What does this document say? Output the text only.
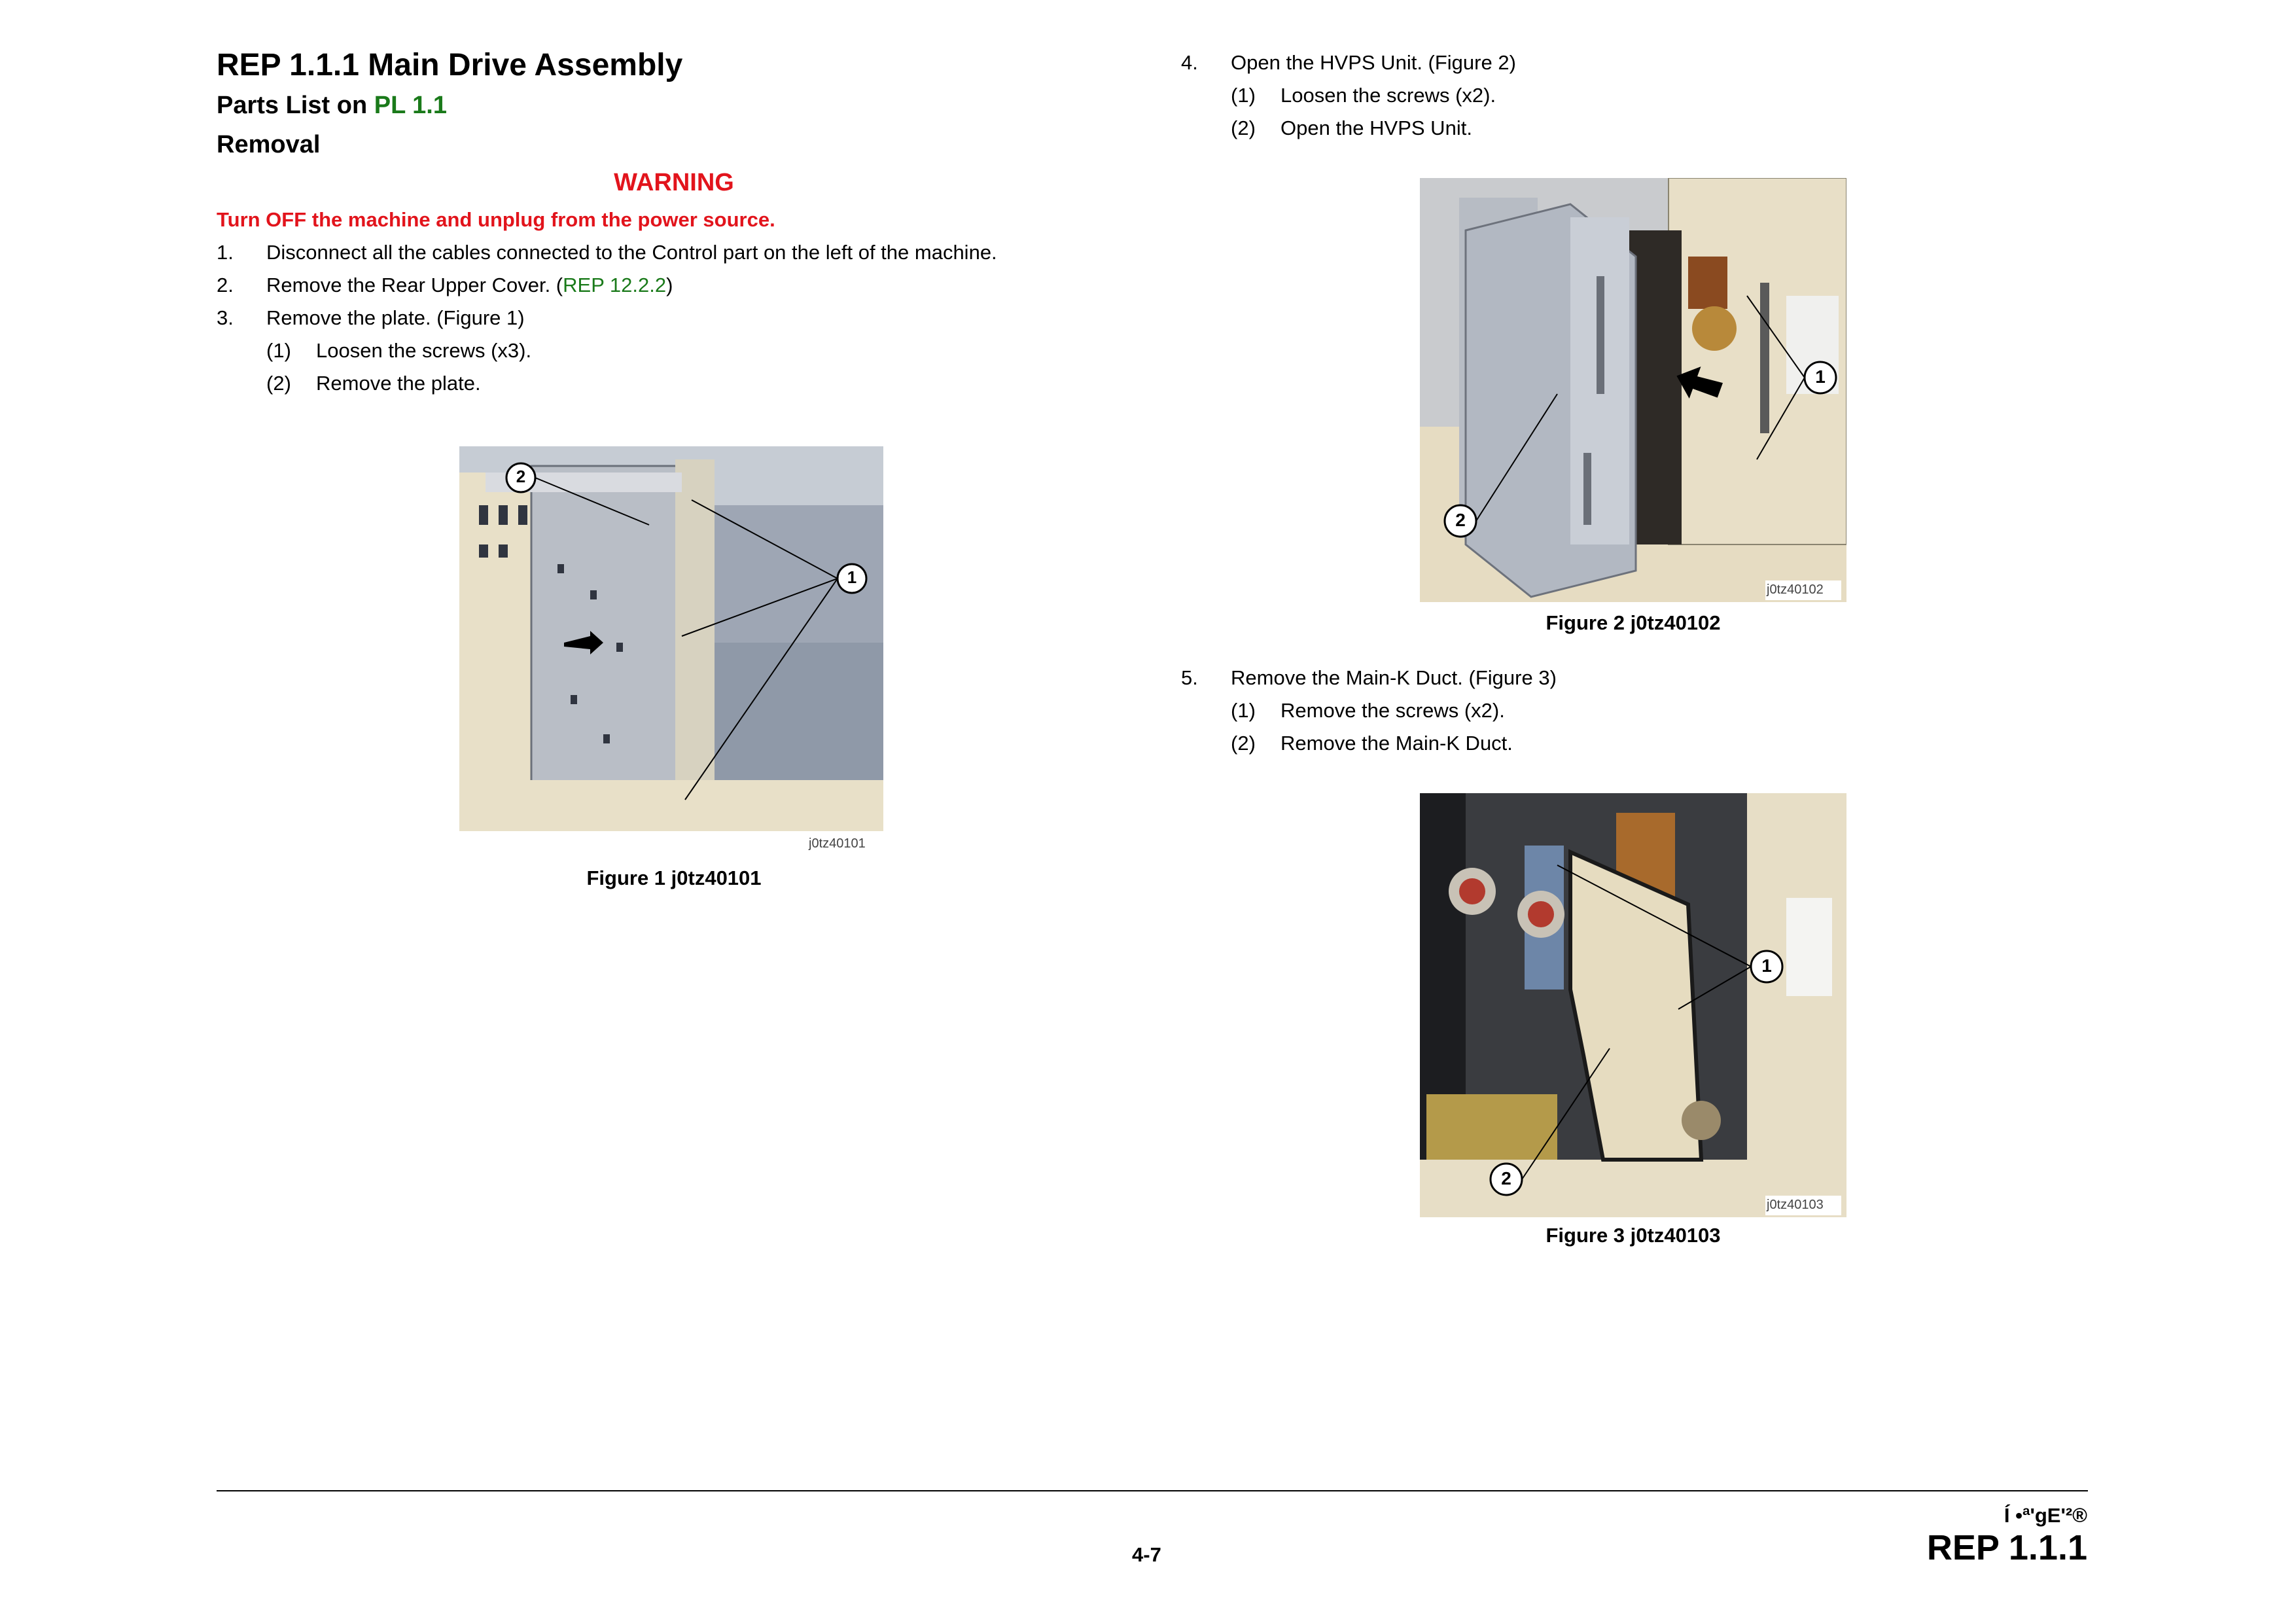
REP 1.1.1 Main Drive Assembly
Parts List on PL 1.1
Removal
WARNING
Turn OFF the machine and unplug from the power source.
1. Disconnect all the cables connected to the Control part on the left of the machine.
2. Remove the Rear Upper Cover. (REP 12.2.2)
3. Remove the plate. (Figure 1)
(1) Loosen the screws (x3).
(2) Remove the plate.
1
2
j0tz40101
Figure 1 j0tz40101
4. Open the HVPS Unit. (Figure 2)
(1) Loosen the screws (x2).
(2) Open the HVPS Unit.
1
2
j0tz40102
Figure 2 j0tz40102
5. Remove the Main-K Duct. (Figure 3)
(1) Remove the screws (x2).
(2) Remove the Main-K Duct.
1
2
j0tz40103
Figure 3 j0tz40103
Í •ª'gE'²®
4-7	REP 1.1.1
